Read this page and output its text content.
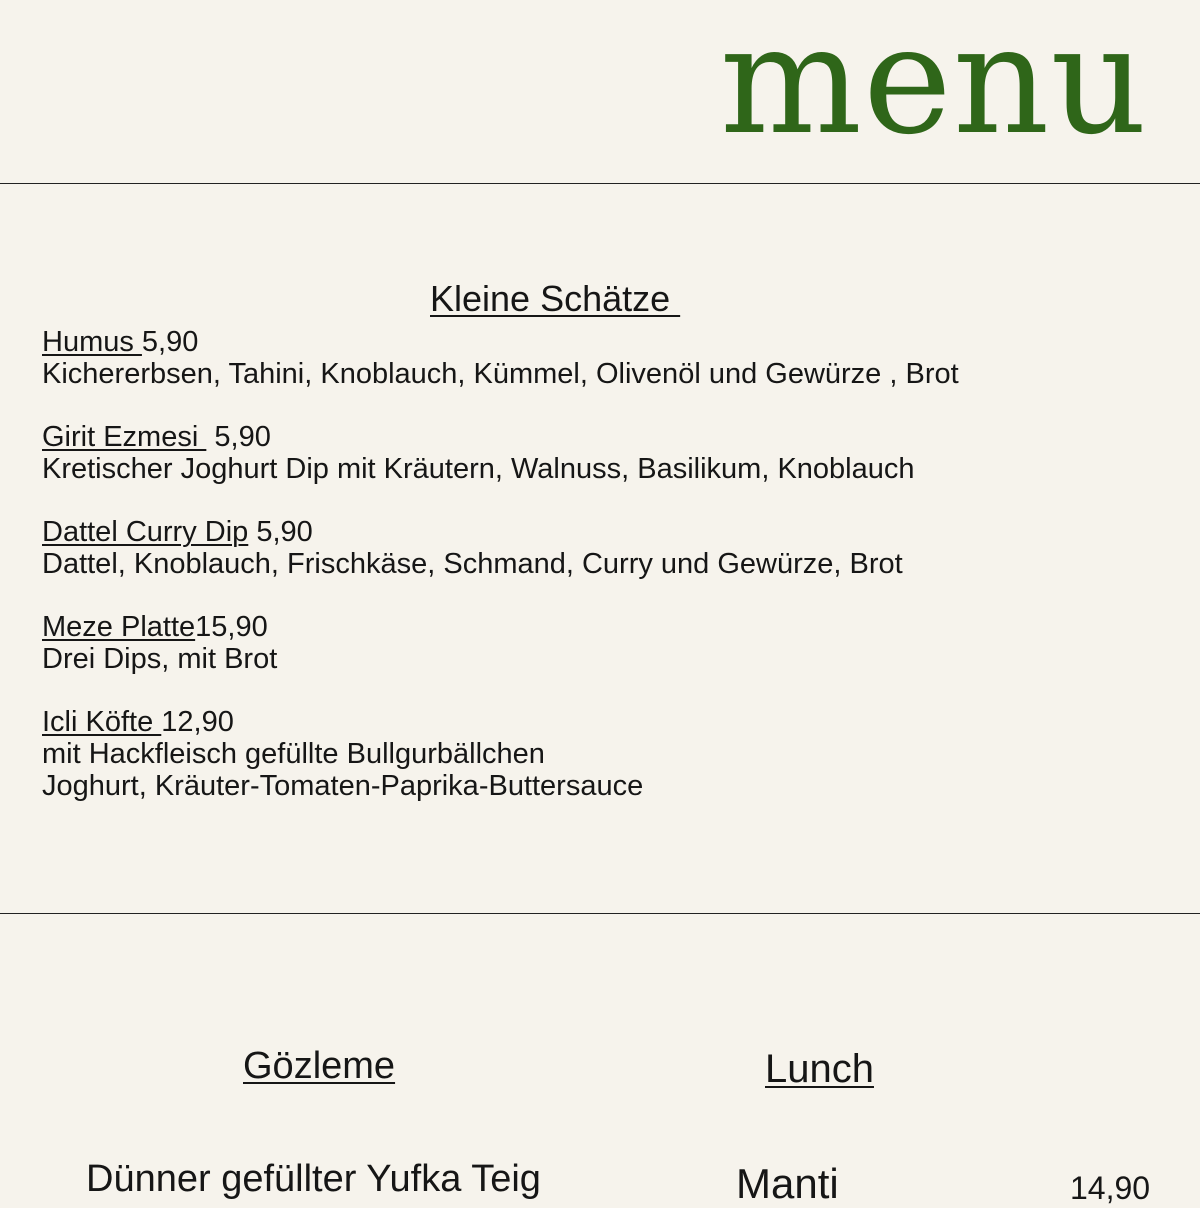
menu
Kleine Schätze
Humus 5,90
Kichererbsen, Tahini, Knoblauch, Kümmel, Olivenöl und Gewürze , Brot
Girit Ezmesi  5,90
Kretischer Joghurt Dip mit Kräutern, Walnuss, Basilikum, Knoblauch
Dattel Curry Dip 5,90
Dattel, Knoblauch, Frischkäse, Schmand, Curry und Gewürze, Brot
Meze Platte15,90
Drei Dips, mit Brot
Icli Köfte 12,90
mit Hackfleisch gefüllte Bullgurbällchen
Joghurt, Kräuter-Tomaten-Paprika-Buttersauce
Gözleme	Lunch
Dünner gefüllter Yufka Teig	Manti	14,90
